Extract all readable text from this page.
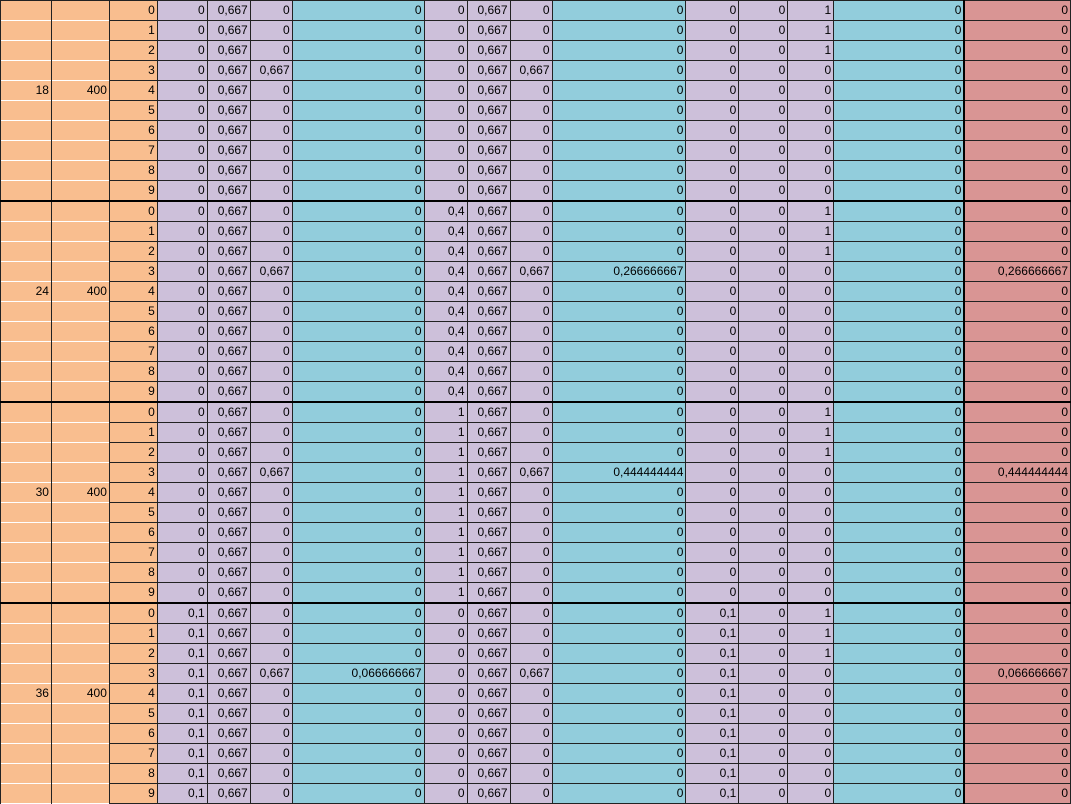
		0	0	0,667	0	0	0	0,667	0	0	0	0	1	0	0
		1	0	0,667	0	0	0	0,667	0	0	0	0	1	0	0
		2	0	0,667	0	0	0	0,667	0	0	0	0	1	0	0
		3	0	0,667	0,667	0	0	0,667	0,667	0	0	0	0	0	0
18	400	4	0	0,667	0	0	0	0,667	0	0	0	0	0	0	0
		5	0	0,667	0	0	0	0,667	0	0	0	0	0	0	0
		6	0	0,667	0	0	0	0,667	0	0	0	0	0	0	0
		7	0	0,667	0	0	0	0,667	0	0	0	0	0	0	0
		8	0	0,667	0	0	0	0,667	0	0	0	0	0	0	0
		9	0	0,667	0	0	0	0,667	0	0	0	0	0	0	0
		0	0	0,667	0	0	0,4	0,667	0	0	0	0	1	0	0
		1	0	0,667	0	0	0,4	0,667	0	0	0	0	1	0	0
		2	0	0,667	0	0	0,4	0,667	0	0	0	0	1	0	0
		3	0	0,667	0,667	0	0,4	0,667	0,667	0,266666667	0	0	0	0	0,266666667
24	400	4	0	0,667	0	0	0,4	0,667	0	0	0	0	0	0	0
		5	0	0,667	0	0	0,4	0,667	0	0	0	0	0	0	0
		6	0	0,667	0	0	0,4	0,667	0	0	0	0	0	0	0
		7	0	0,667	0	0	0,4	0,667	0	0	0	0	0	0	0
		8	0	0,667	0	0	0,4	0,667	0	0	0	0	0	0	0
		9	0	0,667	0	0	0,4	0,667	0	0	0	0	0	0	0
		0	0	0,667	0	0	1	0,667	0	0	0	0	1	0	0
		1	0	0,667	0	0	1	0,667	0	0	0	0	1	0	0
		2	0	0,667	0	0	1	0,667	0	0	0	0	1	0	0
		3	0	0,667	0,667	0	1	0,667	0,667	0,444444444	0	0	0	0	0,444444444
30	400	4	0	0,667	0	0	1	0,667	0	0	0	0	0	0	0
		5	0	0,667	0	0	1	0,667	0	0	0	0	0	0	0
		6	0	0,667	0	0	1	0,667	0	0	0	0	0	0	0
		7	0	0,667	0	0	1	0,667	0	0	0	0	0	0	0
		8	0	0,667	0	0	1	0,667	0	0	0	0	0	0	0
		9	0	0,667	0	0	1	0,667	0	0	0	0	0	0	0
		0	0,1	0,667	0	0	0	0,667	0	0	0,1	0	1	0	0
		1	0,1	0,667	0	0	0	0,667	0	0	0,1	0	1	0	0
		2	0,1	0,667	0	0	0	0,667	0	0	0,1	0	1	0	0
		3	0,1	0,667	0,667	0,066666667	0	0,667	0,667	0	0,1	0	0	0	0,066666667
36	400	4	0,1	0,667	0	0	0	0,667	0	0	0,1	0	0	0	0
		5	0,1	0,667	0	0	0	0,667	0	0	0,1	0	0	0	0
		6	0,1	0,667	0	0	0	0,667	0	0	0,1	0	0	0	0
		7	0,1	0,667	0	0	0	0,667	0	0	0,1	0	0	0	0
		8	0,1	0,667	0	0	0	0,667	0	0	0,1	0	0	0	0
		9	0,1	0,667	0	0	0	0,667	0	0	0,1	0	0	0	0
